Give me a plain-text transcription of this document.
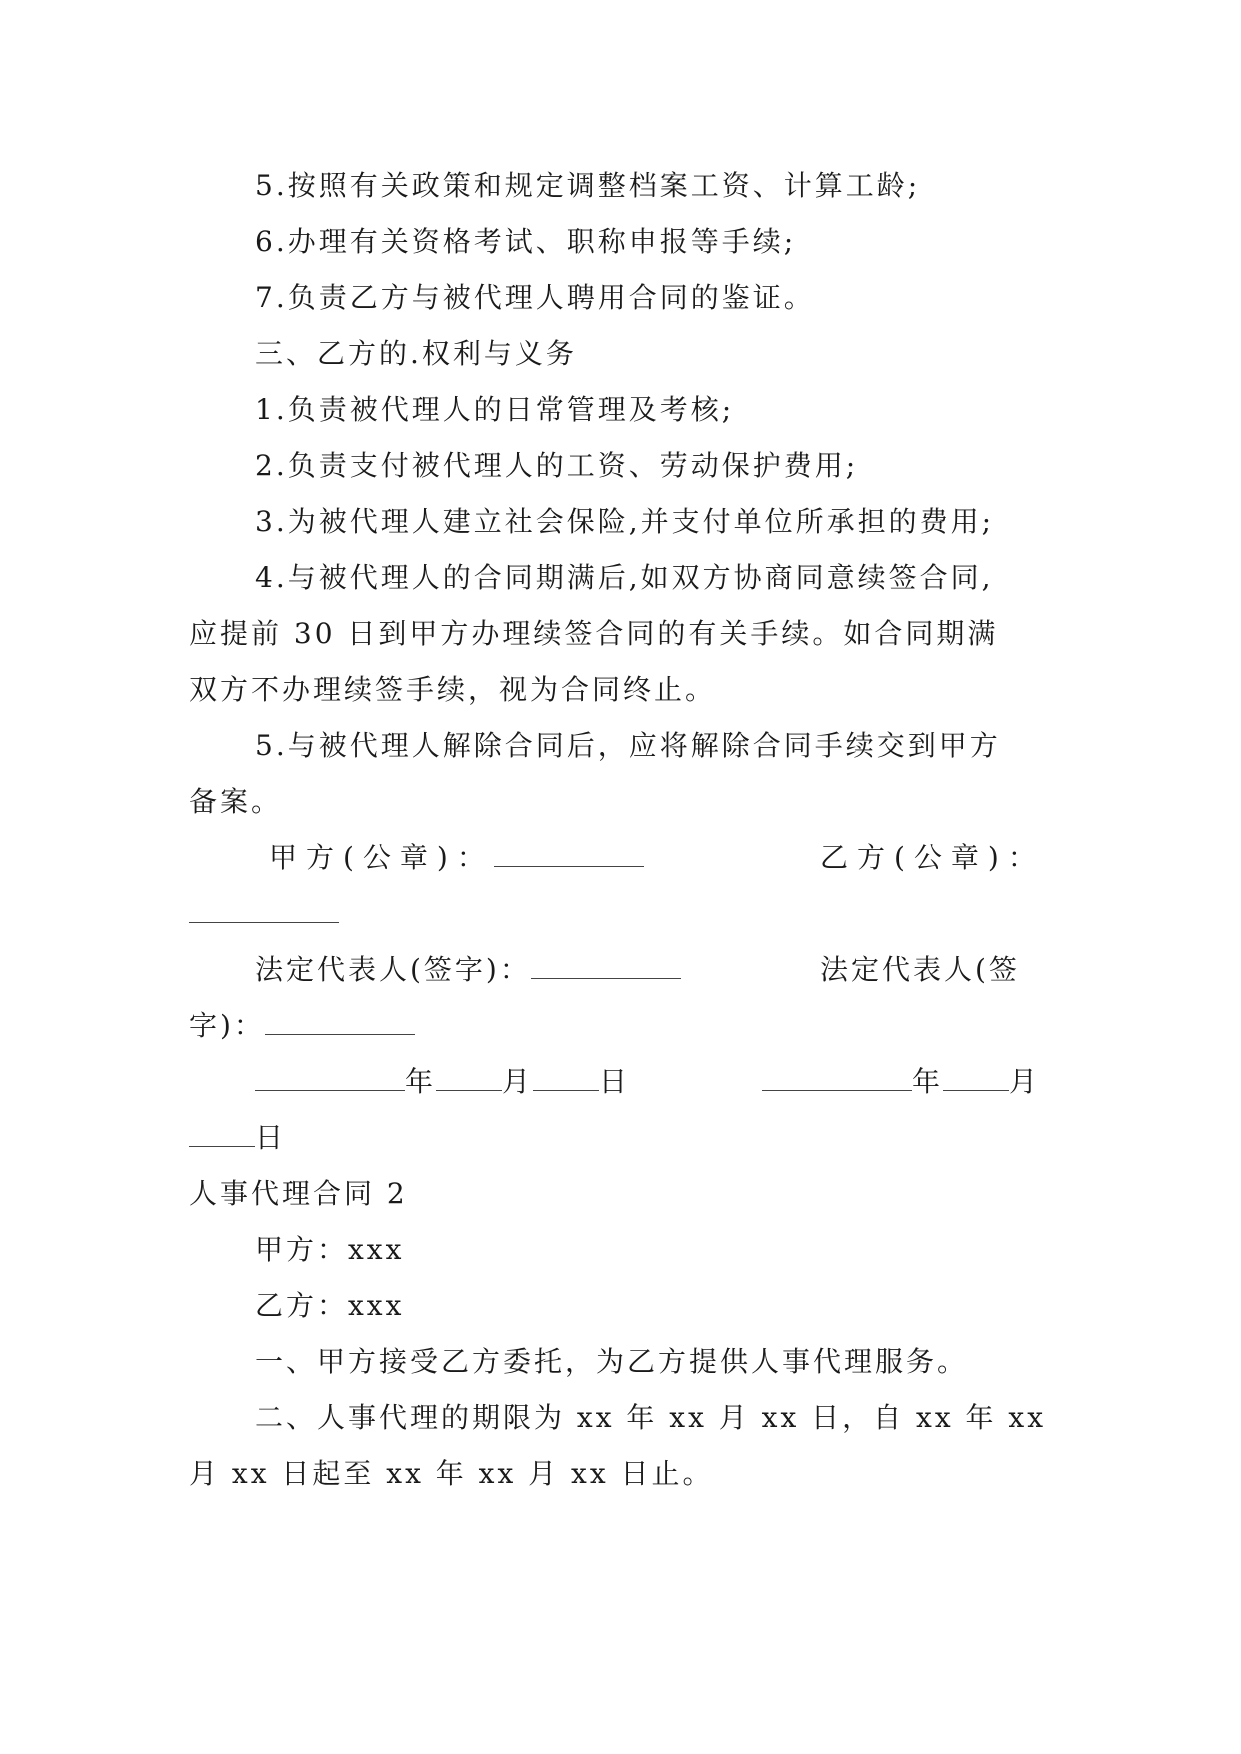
5.按照有关政策和规定调整档案工资、计算工龄;
6.办理有关资格考试、职称申报等手续;
7.负责乙方与被代理人聘用合同的鉴证。
三、乙方的.权利与义务
1.负责被代理人的日常管理及考核;
2.负责支付被代理人的工资、劳动保护费用;
3.为被代理人建立社会保险,并支付单位所承担的费用;
4.与被代理人的合同期满后,如双方协商同意续签合同,
应提前 30 日到甲方办理续签合同的有关手续。如合同期满
双方不办理续签手续，视为合同终止。
5.与被代理人解除合同后，应将解除合同手续交到甲方
备案。
甲方(公章)：	乙方(公章)：
法定代表人(签字)：	法定代表人(签
字)：
年 月 日	年 月
日
人事代理合同 2
甲方：xxx
乙方：xxx
一、甲方接受乙方委托，为乙方提供人事代理服务。
二、人事代理的期限为 xx 年 xx 月 xx 日，自 xx 年 xx
月 xx 日起至 xx 年 xx 月 xx 日止。
